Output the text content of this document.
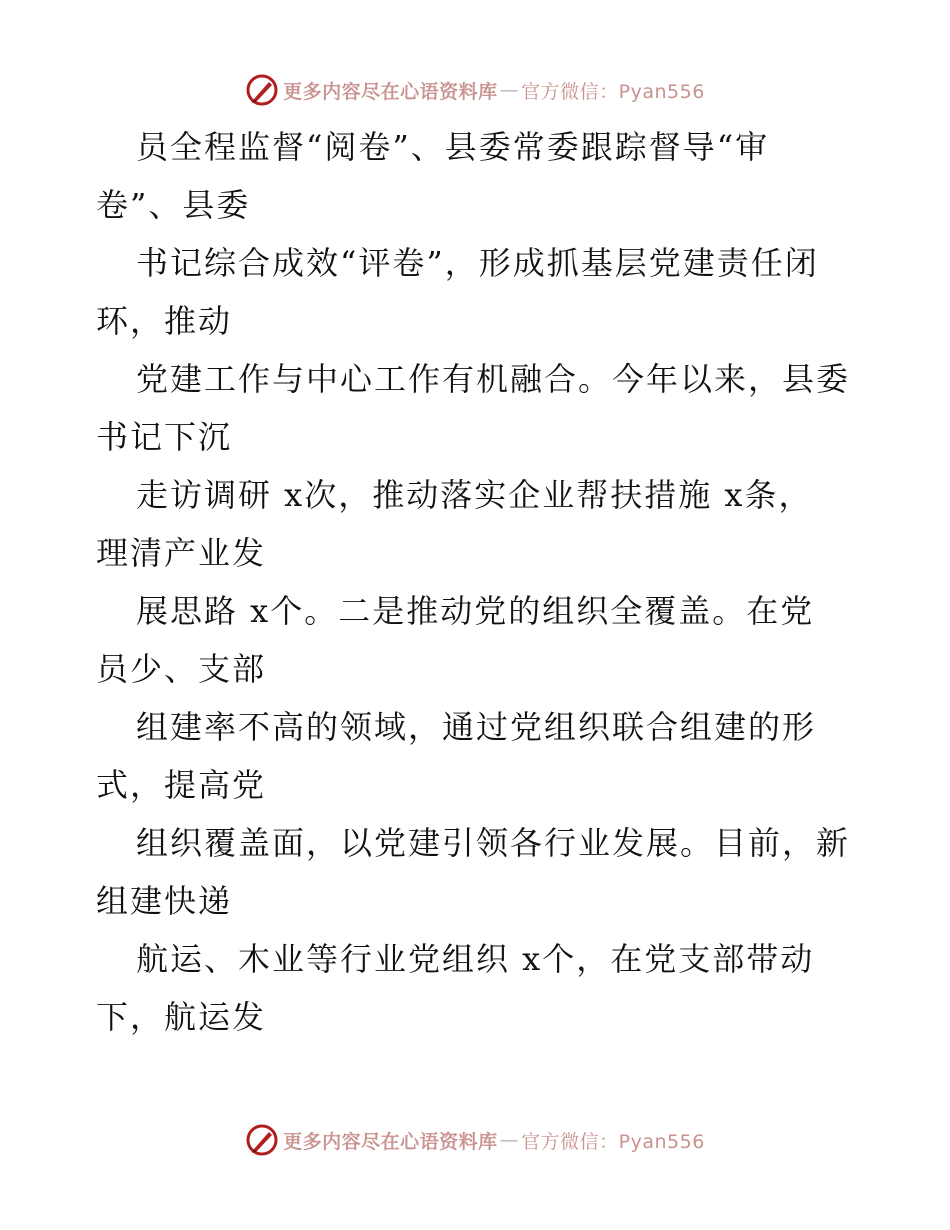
更多内容尽在心语资料库 — 官方微信：Pyan556
员全程监督“阅卷”、县委常委跟踪督导“审
卷”、县委
书记综合成效“评卷”，形成抓基层党建责任闭
环，推动
党建工作与中心工作有机融合。今年以来，县委
书记下沉
走访调研 x次，推动落实企业帮扶措施 x条，
理清产业发
展思路 x个。二是推动党的组织全覆盖。在党
员少、支部
组建率不高的领域，通过党组织联合组建的形
式，提高党
组织覆盖面，以党建引领各行业发展。目前，新
组建快递
航运、木业等行业党组织 x个，在党支部带动
下，航运发
更多内容尽在心语资料库 — 官方微信：Pyan556
